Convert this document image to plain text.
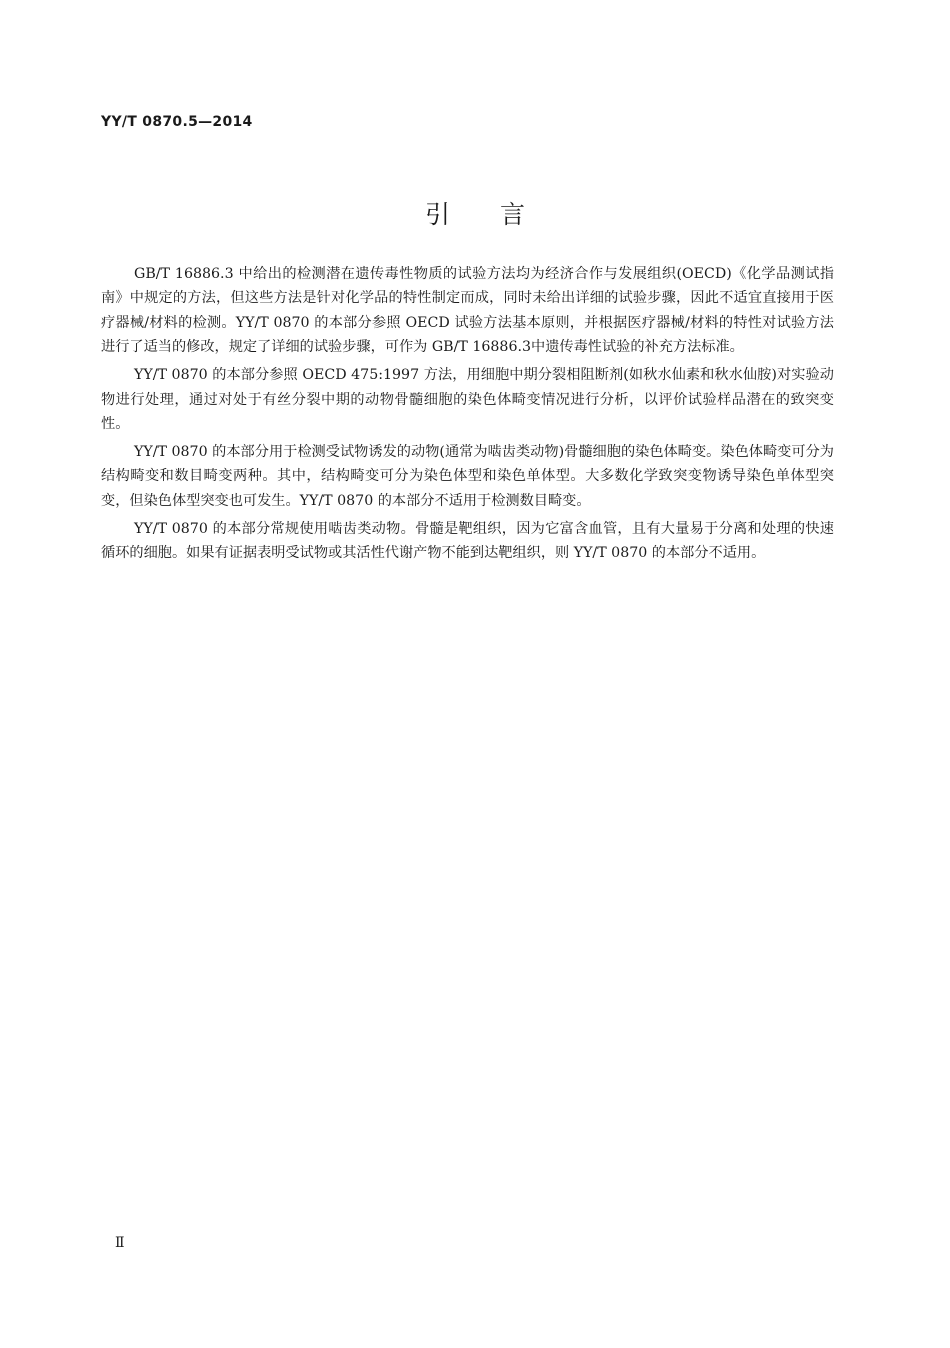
YY/T 0870.5—2014
引言

GB/T 16886.3 中给出的检测潜在遗传毒性物质的试验方法均为经济合作与发展组织(OECD)《化学品测试指南》中规定的方法，但这些方法是针对化学品的特性制定而成，同时未给出详细的试验步骤，因此不适宜直接用于医疗器械/材料的检测。YY/T 0870 的本部分参照 OECD 试验方法基本原则，并根据医疗器械/材料的特性对试验方法进行了适当的修改，规定了详细的试验步骤，可作为 GB/T 16886.3中遗传毒性试验的补充方法标准。

YY/T 0870 的本部分参照 OECD 475:1997 方法，用细胞中期分裂相阻断剂(如秋水仙素和秋水仙胺)对实验动物进行处理，通过对处于有丝分裂中期的动物骨髓细胞的染色体畸变情况进行分析，以评价试验样品潜在的致突变性。

YY/T 0870 的本部分用于检测受试物诱发的动物(通常为啮齿类动物)骨髓细胞的染色体畸变。染色体畸变可分为结构畸变和数目畸变两种。其中，结构畸变可分为染色体型和染色单体型。大多数化学致突变物诱导染色单体型突变，但染色体型突变也可发生。YY/T 0870 的本部分不适用于检测数目畸变。

YY/T 0870 的本部分常规使用啮齿类动物。骨髓是靶组织，因为它富含血管，且有大量易于分离和处理的快速循环的细胞。如果有证据表明受试物或其活性代谢产物不能到达靶组织，则 YY/T 0870 的本部分不适用。

Ⅱ
